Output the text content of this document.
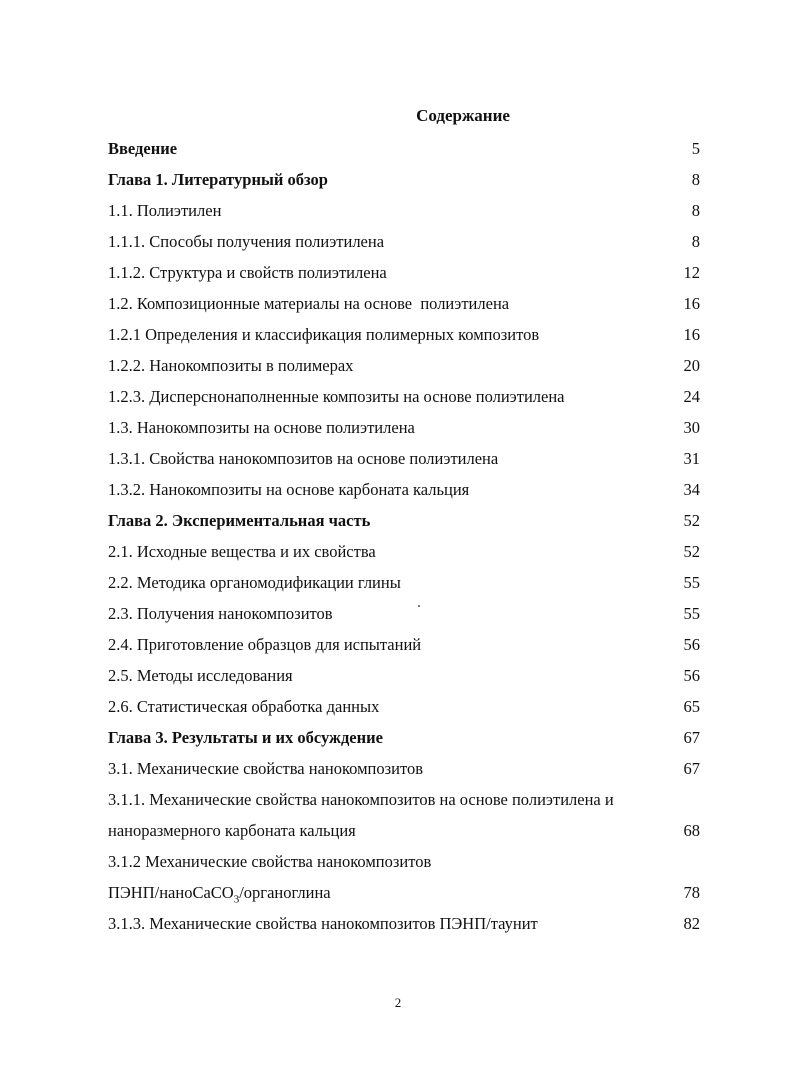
Содержание
Введение	5
Глава 1. Литературный обзор	8
1.1. Полиэтилен	8
1.1.1. Способы получения полиэтилена	8
1.1.2. Структура и свойств полиэтилена	12
1.2. Композиционные материалы на основе  полиэтилена	16
1.2.1 Определения и классификация полимерных композитов	16
1.2.2. Нанокомпозиты в полимерах	20
1.2.3. Дисперснонаполненные композиты на основе полиэтилена	24
1.3. Нанокомпозиты на основе полиэтилена	30
1.3.1. Свойства нанокомпозитов на основе полиэтилена	31
1.3.2. Нанокомпозиты на основе карбоната кальция	34
Глава 2. Экспериментальная часть	52
2.1. Исходные вещества и их свойства	52
2.2. Методика органомодификации глины	55
2.3. Получения нанокомпозитов	55
2.4. Приготовление образцов для испытаний	56
2.5. Методы исследования	56
2.6. Статистическая обработка данных	65
Глава 3. Результаты и их обсуждение	67
3.1. Механические свойства нанокомпозитов	67
3.1.1. Механические свойства нанокомпозитов на основе полиэтилена и
наноразмерного карбоната кальция	68
3.1.2 Механические свойства нанокомпозитов
ПЭНП/наноСаСО$_3$/органоглина	78
3.1.3. Механические свойства нанокомпозитов ПЭНП/таунит	82
2
